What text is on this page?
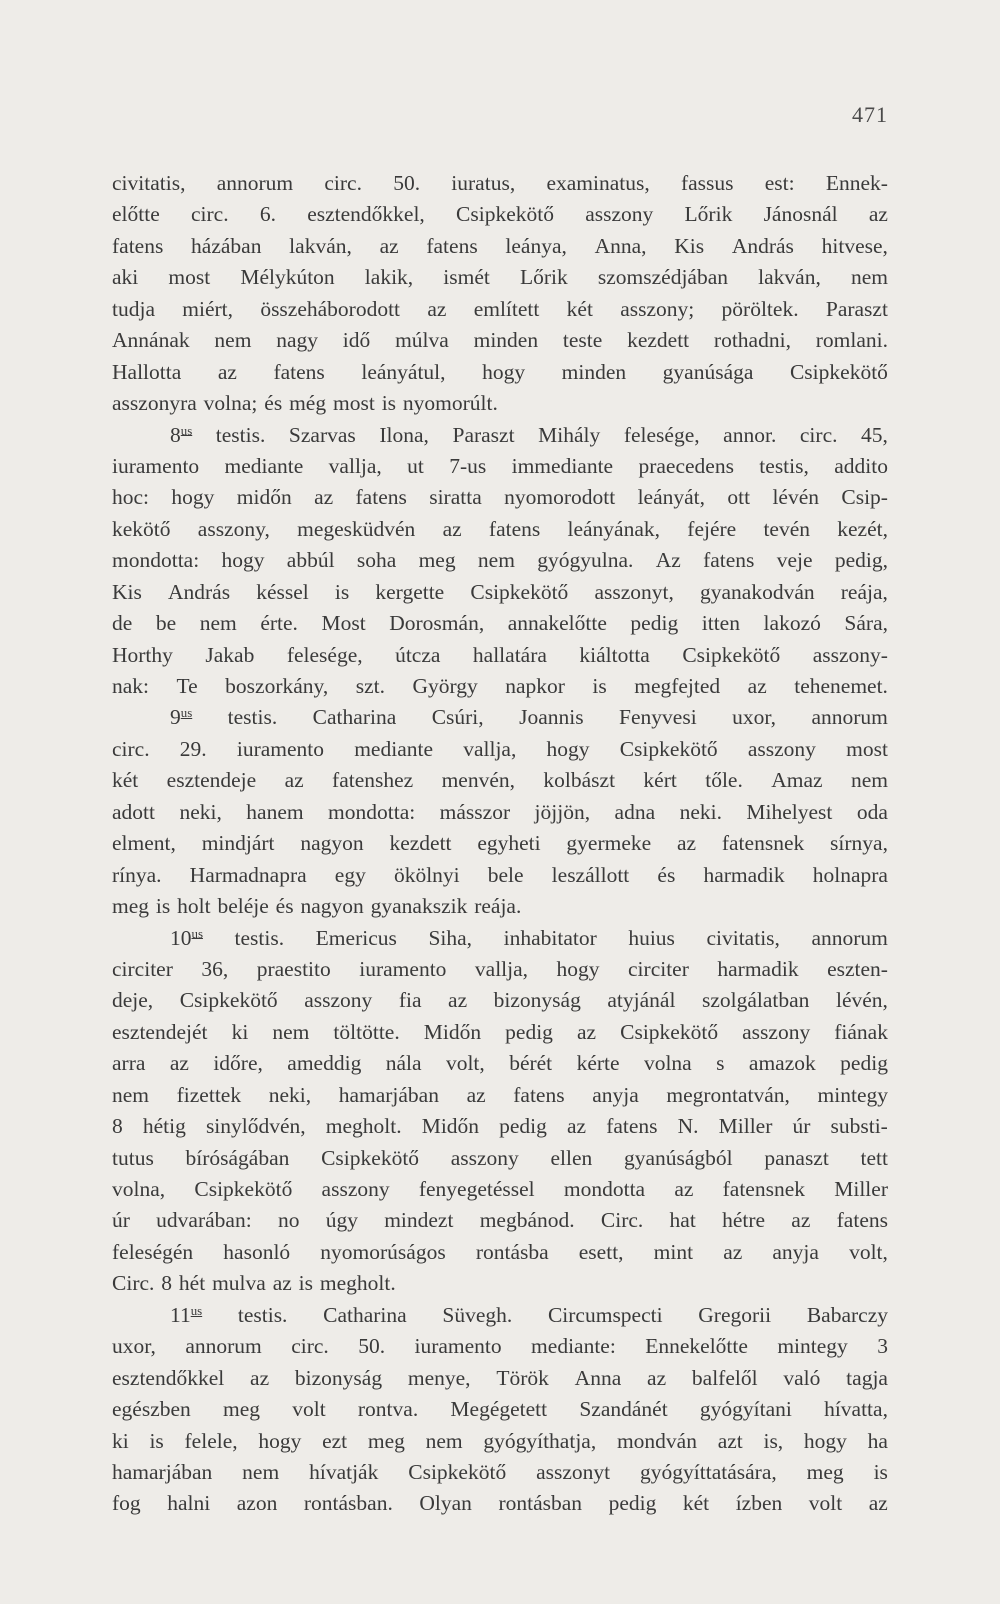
471
civitatis, annorum circ. 50. iuratus, examinatus, fassus est: Ennek-
előtte circ. 6. esztendőkkel, Csipkekötő asszony Lőrik Jánosnál az
fatens házában lakván, az fatens leánya, Anna, Kis András hitvese,
aki most Mélykúton lakik, ismét Lőrik szomszédjában lakván, nem
tudja miért, összeháborodott az említett két asszony; pöröltek. Paraszt
Annának nem nagy idő múlva minden teste kezdett rothadni, romlani.
Hallotta az fatens leányátul, hogy minden gyanúsága Csipkekötő
asszonyra volna; és még most is nyomorúlt.
$8^{us}$ testis. Szarvas Ilona, Paraszt Mihály felesége, annor. circ. 45,
iuramento mediante vallja, ut 7-us immediante praecedens testis, addito
hoc: hogy midőn az fatens siratta nyomorodott leányát, ott lévén Csip-
kekötő asszony, megesküdvén az fatens leányának, fejére tevén kezét,
mondotta: hogy abbúl soha meg nem gyógyulna. Az fatens veje pedig,
Kis András késsel is kergette Csipkekötő asszonyt, gyanakodván reája,
de be nem érte. Most Dorosmán, annakelőtte pedig itten lakozó Sára,
Horthy Jakab felesége, útcza hallatára kiáltotta Csipkekötő asszony-
nak: Te boszorkány, szt. György napkor is megfejted az tehenemet.
$9^{us}$ testis. Catharina Csúri, Joannis Fenyvesi uxor, annorum
circ. 29. iuramento mediante vallja, hogy Csipkekötő asszony most
két esztendeje az fatenshez menvén, kolbászt kért tőle. Amaz nem
adott neki, hanem mondotta: másszor jöjjön, adna neki. Mihelyest oda
elment, mindjárt nagyon kezdett egyheti gyermeke az fatensnek sírnya,
rínya. Harmadnapra egy ökölnyi bele leszállott és harmadik holnapra
meg is holt beléje és nagyon gyanakszik reája.
$10^{us}$ testis. Emericus Siha, inhabitator huius civitatis, annorum
circiter 36, praestito iuramento vallja, hogy circiter harmadik eszten-
deje, Csipkekötő asszony fia az bizonyság atyjánál szolgálatban lévén,
esztendejét ki nem töltötte. Midőn pedig az Csipkekötő asszony fiának
arra az időre, ameddig nála volt, bérét kérte volna s amazok pedig
nem fizettek neki, hamarjában az fatens anyja megrontatván, mintegy
8 hétig sinylődvén, megholt. Midőn pedig az fatens N. Miller úr substi-
tutus bíróságában Csipkekötő asszony ellen gyanúságból panaszt tett
volna, Csipkekötő asszony fenyegetéssel mondotta az fatensnek Miller
úr udvarában: no úgy mindezt megbánod. Circ. hat hétre az fatens
feleségén hasonló nyomorúságos rontásba esett, mint az anyja volt,
Circ. 8 hét mulva az is megholt.
$11^{us}$ testis. Catharina Süvegh. Circumspecti Gregorii Babarczy
uxor, annorum circ. 50. iuramento mediante: Ennekelőtte mintegy 3
esztendőkkel az bizonyság menye, Török Anna az balfelől való tagja
egészben meg volt rontva. Megégetett Szandánét gyógyítani hívatta,
ki is felele, hogy ezt meg nem gyógyíthatja, mondván azt is, hogy ha
hamarjában nem hívatják Csipkekötő asszonyt gyógyíttatására, meg is
fog halni azon rontásban. Olyan rontásban pedig két ízben volt az
